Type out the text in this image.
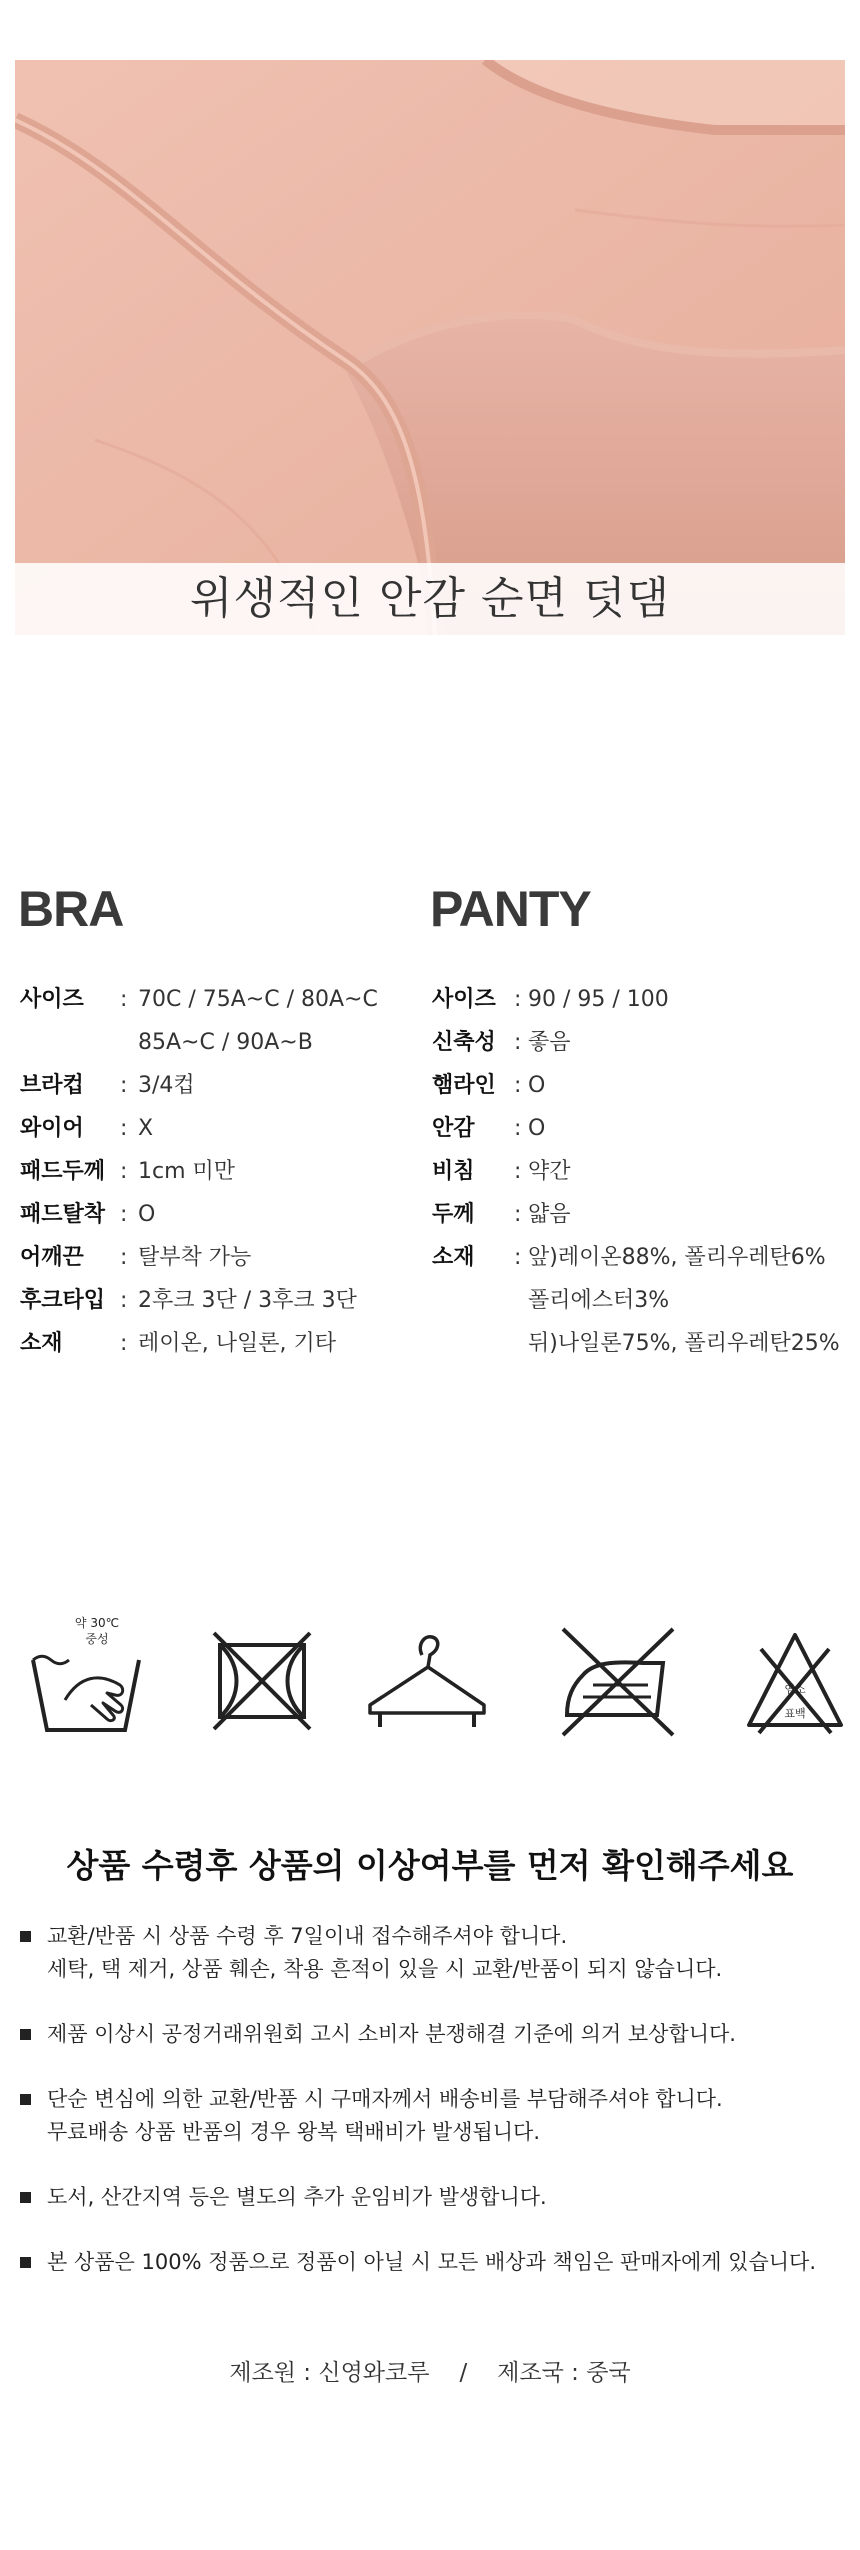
위생적인 안감 순면 덧댐
BRA
사이즈	: 70C / 75A~C / 80A~C
85A~C / 90A~B
브라컵	: 3/4컵
와이어	: X
패드두께 : 1cm 미만
패드탈착 : O
어깨끈	: 탈부착 가능
후크타입 : 2후크 3단 / 3후크 3단
소재	: 레이온, 나일론, 기타
PANTY
사이즈 : 90 / 95 / 100
신축성 : 좋음
햄라인 : O
안감	: O
비침	: 약간
두께	: 얇음
소재	: 앞)레이온88%, 폴리우레탄6%
폴리에스터3%
뒤)나일론75%, 폴리우레탄25%
약 30℃
중성
염소
표백
상품 수령후 상품의 이상여부를 먼저 확인해주세요
교환/반품 시 상품 수령 후 7일이내 접수해주셔야 합니다.
세탁, 택 제거, 상품 훼손, 착용 흔적이 있을 시 교환/반품이 되지 않습니다.
제품 이상시 공정거래위원회 고시 소비자 분쟁해결 기준에 의거 보상합니다.
단순 변심에 의한 교환/반품 시 구매자께서 배송비를 부담해주셔야 합니다.
무료배송 상품 반품의 경우 왕복 택배비가 발생됩니다.
도서, 산간지역 등은 별도의 추가 운임비가 발생합니다.
본 상품은 100% 정품으로 정품이 아닐 시 모든 배상과 책임은 판매자에게 있습니다.
제조원 : 신영와코루 / 제조국 : 중국
